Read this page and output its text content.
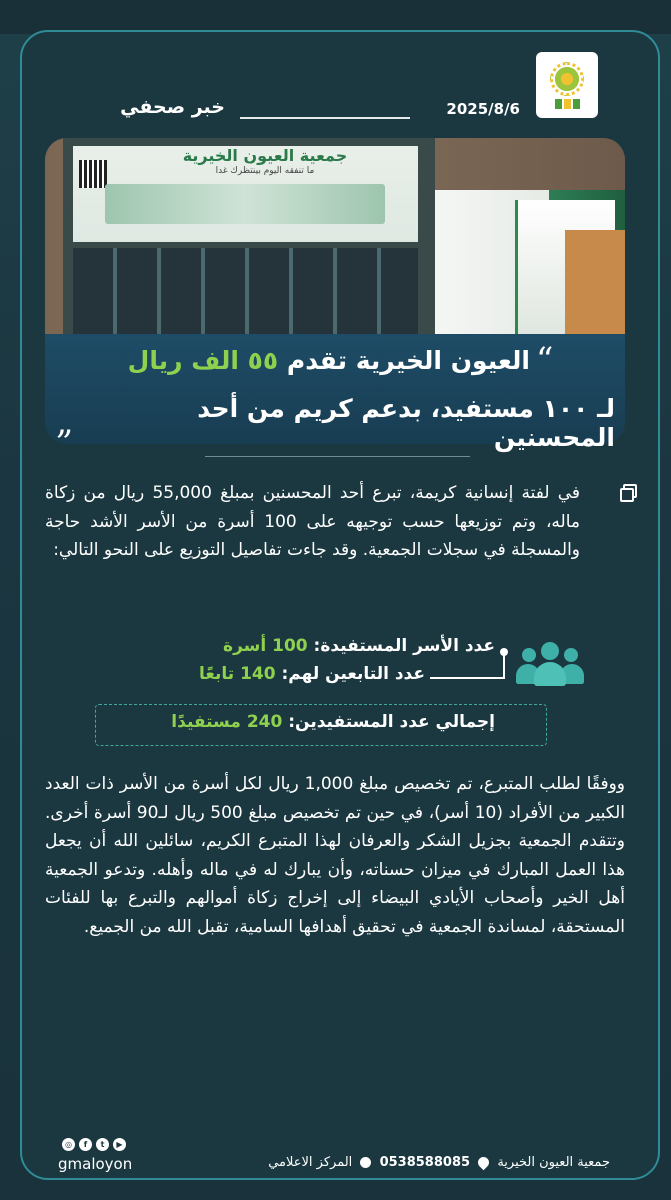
2025/8/6
خبر صحفي
جمعية العيون الخيرية
ما تنفقه اليوم بينتظرك غدا
“
„
العيون الخيرية تقدم ٥٥ الف ريال
لـ ١٠٠ مستفيد، بدعم كريم من أحد المحسنين
في لفتة إنسانية كريمة، تبرع أحد المحسنين بمبلغ 55,000 ريال من زكاة ماله، وتم توزيعها حسب توجيهه على 100 أسرة من الأسر الأشد حاجة والمسجلة في سجلات الجمعية. وقد جاءت تفاصيل التوزيع على النحو التالي:
عدد الأسر المستفيدة: 100 أسرة
عدد التابعين لهم: 140 تابعًا
إجمالي عدد المستفيدين: 240 مستفيدًا
ووفقًا لطلب المتبرع، تم تخصيص مبلغ 1,000 ريال لكل أسرة من الأسر ذات العدد الكبير من الأفراد (10 أسر)، في حين تم تخصيص مبلغ 500 ريال لـ90 أسرة أخرى. وتتقدم الجمعية بجزيل الشكر والعرفان لهذا المتبرع الكريم، سائلين الله أن يجعل هذا العمل المبارك في ميزان حسناته، وأن يبارك له في ماله وأهله. وتدعو الجمعية أهل الخير وأصحاب الأيادي البيضاء إلى إخراج زكاة أموالهم والتبرع بها للفئات المستحقة، لمساندة الجمعية في تحقيق أهدافها السامية، تقبل الله من الجميع.
◎	f	t	▶
gmaloyon	جمعية العيون الخيرية  0538588085  المركز الاعلامي
